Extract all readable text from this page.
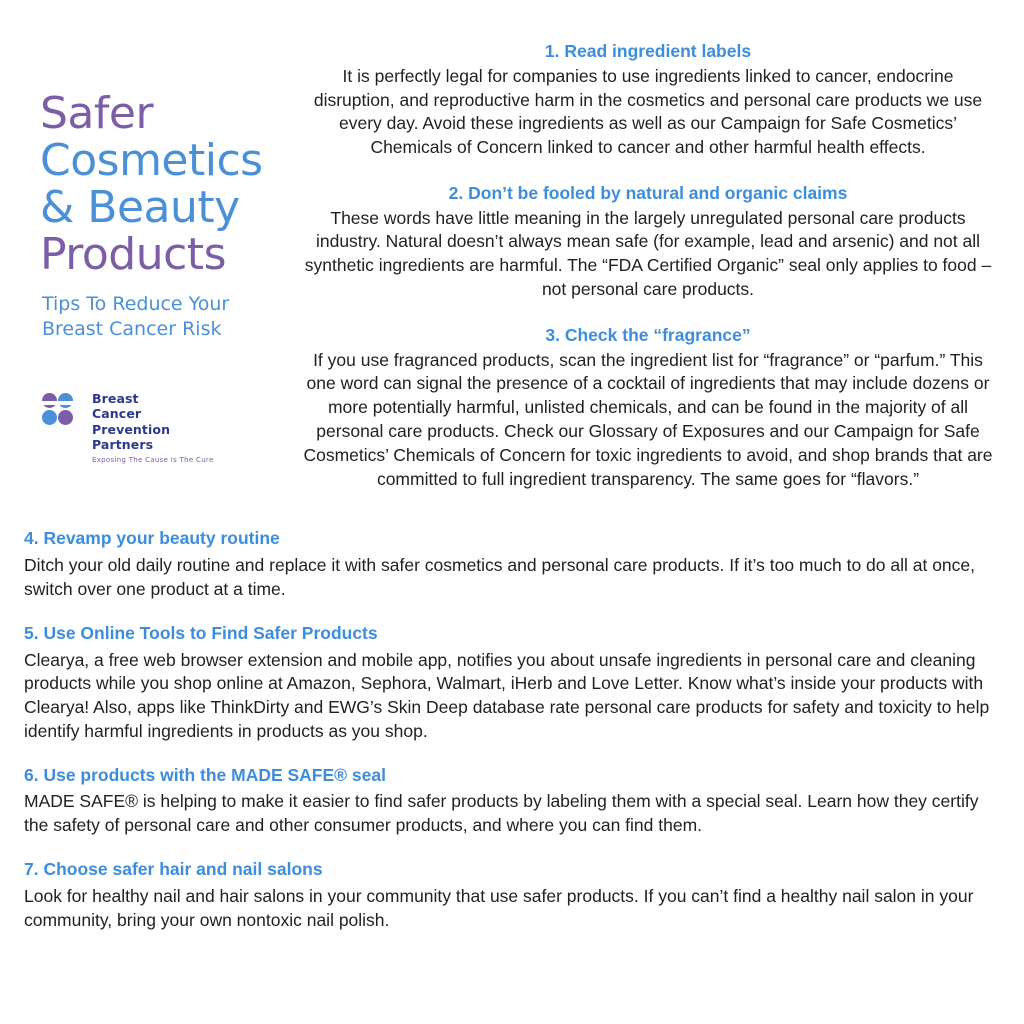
Safer
Cosmetics
& Beauty
Products
Tips To Reduce Your
Breast Cancer Risk
Breast
Cancer
Prevention
Partners
Exposing The Cause Is The Cure
1. Read ingredient labels

It is perfectly legal for companies to use ingredients linked to cancer, endocrine disruption, and reproductive harm in the cosmetics and personal care products we use every day. Avoid these ingredients as well as our Campaign for Safe Cosmetics’ Chemicals of Concern linked to cancer and other harmful health effects.

2. Don’t be fooled by natural and organic claims

These words have little meaning in the largely unregulated personal care products industry. Natural doesn’t always mean safe (for example, lead and arsenic) and not all synthetic ingredients are harmful. The “FDA Certified Organic” seal only applies to food – not personal care products.

3. Check the “fragrance”

If you use fragranced products, scan the ingredient list for “fragrance” or “parfum.” This one word can signal the presence of a cocktail of ingredients that may include dozens or more potentially harmful, unlisted chemicals, and can be found in the majority of all personal care products. Check our Glossary of Exposures and our Campaign for Safe Cosmetics’ Chemicals of Concern for toxic ingredients to avoid, and shop brands that are committed to full ingredient transparency. The same goes for “flavors.”

4. Revamp your beauty routine

Ditch your old daily routine and replace it with safer cosmetics and personal care products. If it’s too much to do all at once, switch over one product at a time.

5. Use Online Tools to Find Safer Products

Clearya, a free web browser extension and mobile app, notifies you about unsafe ingredients in personal care and cleaning products while you shop online at Amazon, Sephora, Walmart, iHerb and Love Letter. Know what’s inside your products with Clearya! Also, apps like ThinkDirty and EWG’s Skin Deep database rate personal care products for safety and toxicity to help identify harmful ingredients in products as you shop.

6. Use products with the MADE SAFE® seal

MADE SAFE® is helping to make it easier to find safer products by labeling them with a special seal. Learn how they certify the safety of personal care and other consumer products, and where you can find them.

7. Choose safer hair and nail salons

Look for healthy nail and hair salons in your community that use safer products. If you can’t find a healthy nail salon in your community, bring your own nontoxic nail polish.
